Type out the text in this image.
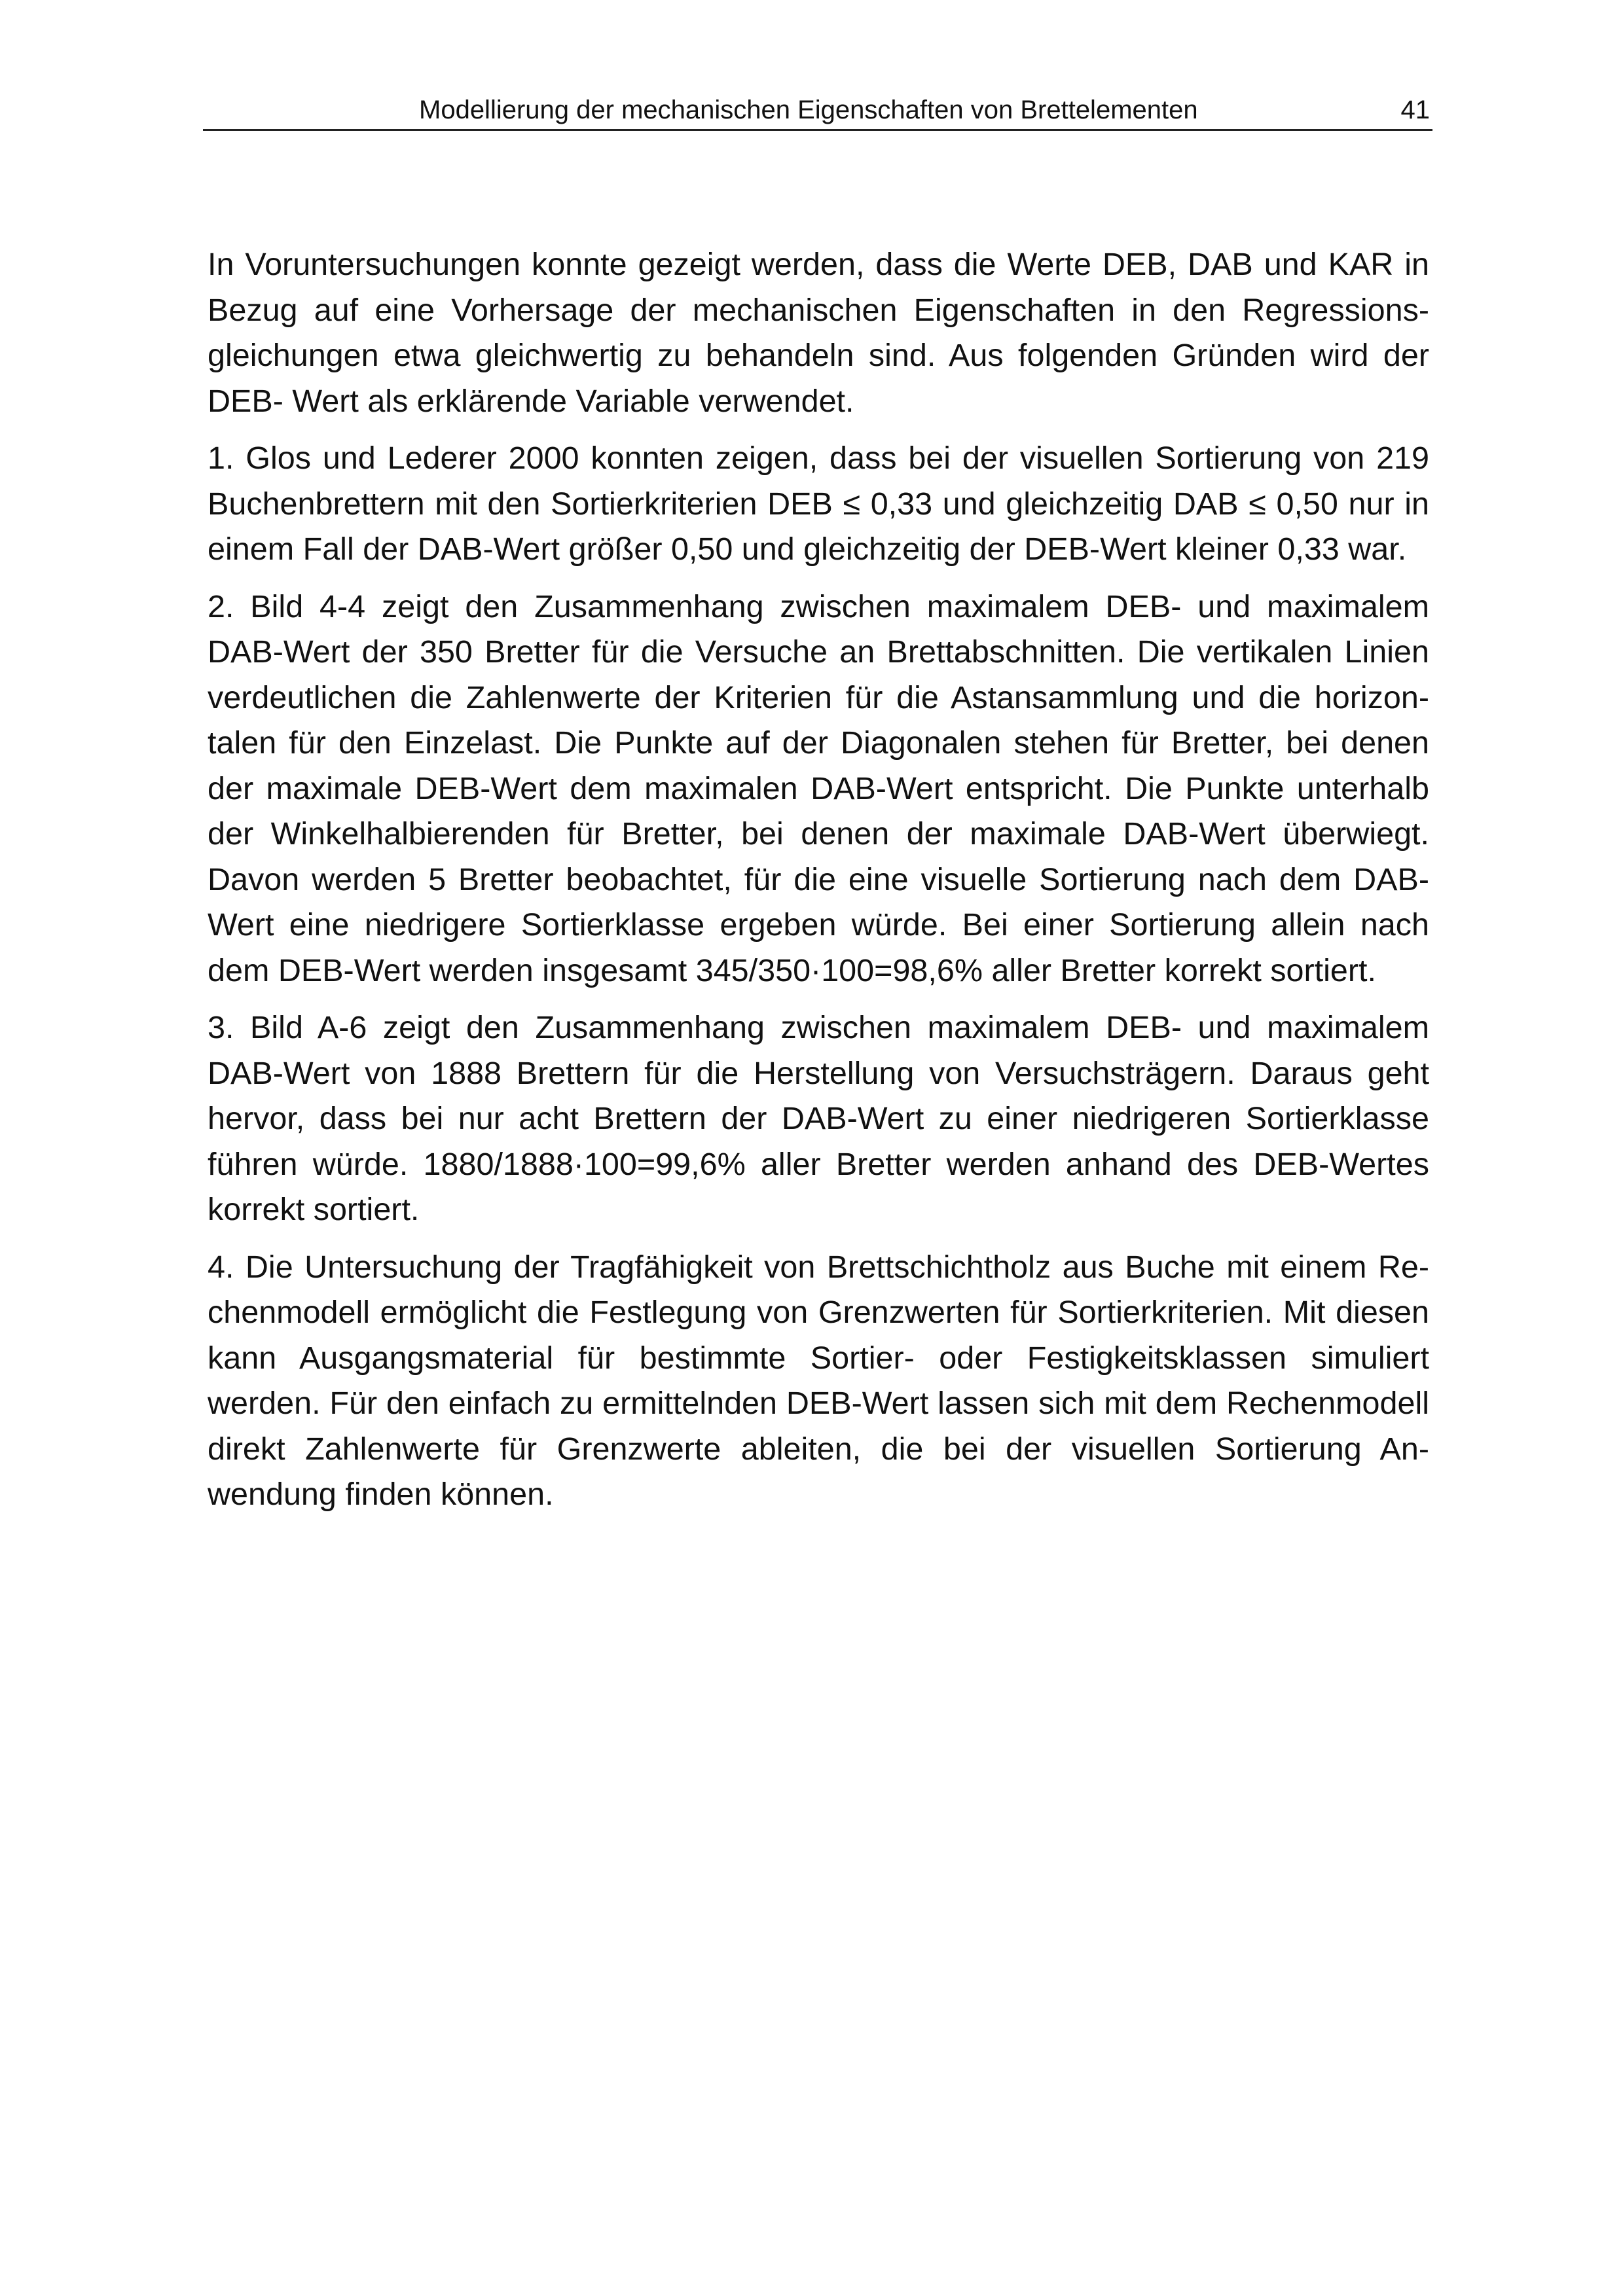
Modellierung der mechanischen Eigenschaften von Brettelementen	41

In Voruntersuchungen konnte gezeigt werden, dass die Werte DEB, DAB und KAR in Bezug auf eine Vorhersage der mechanischen Eigenschaften in den Regressionsgleichungen etwa gleichwertig zu behandeln sind. Aus folgenden Gründen wird der DEB- Wert als erklärende Variable verwendet.

1. Glos und Lederer 2000 konnten zeigen, dass bei der visuellen Sortierung von 219 Buchenbrettern mit den Sortierkriterien DEB ≤ 0,33 und gleichzeitig DAB ≤ 0,50 nur in einem Fall der DAB-Wert größer 0,50 und gleichzeitig der DEB-Wert kleiner 0,33 war.

2. Bild 4-4 zeigt den Zusammenhang zwischen maximalem DEB- und maximalem DAB-Wert der 350 Bretter für die Versuche an Brettabschnitten. Die vertikalen Linien verdeutlichen die Zahlenwerte der Kriterien für die Astansammlung und die horizontalen für den Einzelast. Die Punkte auf der Diagonalen stehen für Bretter, bei denen der maximale DEB-Wert dem maximalen DAB-Wert entspricht. Die Punkte unterhalb der Winkelhalbierenden für Bretter, bei denen der maximale DAB-Wert überwiegt. Davon werden 5 Bretter beobachtet, für die eine visuelle Sortierung nach dem DAB-Wert eine niedrigere Sortierklasse ergeben würde. Bei einer Sortierung allein nach dem DEB-Wert werden insgesamt 345/350·100=98,6% aller Bretter korrekt sortiert.

3. Bild A-6 zeigt den Zusammenhang zwischen maximalem DEB- und maximalem DAB-Wert von 1888 Brettern für die Herstellung von Versuchsträgern. Daraus geht hervor, dass bei nur acht Brettern der DAB-Wert zu einer niedrigeren Sortierklasse führen würde. 1880/1888·100=99,6% aller Bretter werden anhand des DEB-Wertes korrekt sortiert.

4. Die Untersuchung der Tragfähigkeit von Brettschichtholz aus Buche mit einem Rechenmodell ermöglicht die Festlegung von Grenzwerten für Sortierkriterien. Mit diesen kann Ausgangsmaterial für bestimmte Sortier- oder Festigkeitsklassen simuliert werden. Für den einfach zu ermittelnden DEB-Wert lassen sich mit dem Rechenmodell direkt Zahlenwerte für Grenzwerte ableiten, die bei der visuellen Sortierung Anwendung finden können.
